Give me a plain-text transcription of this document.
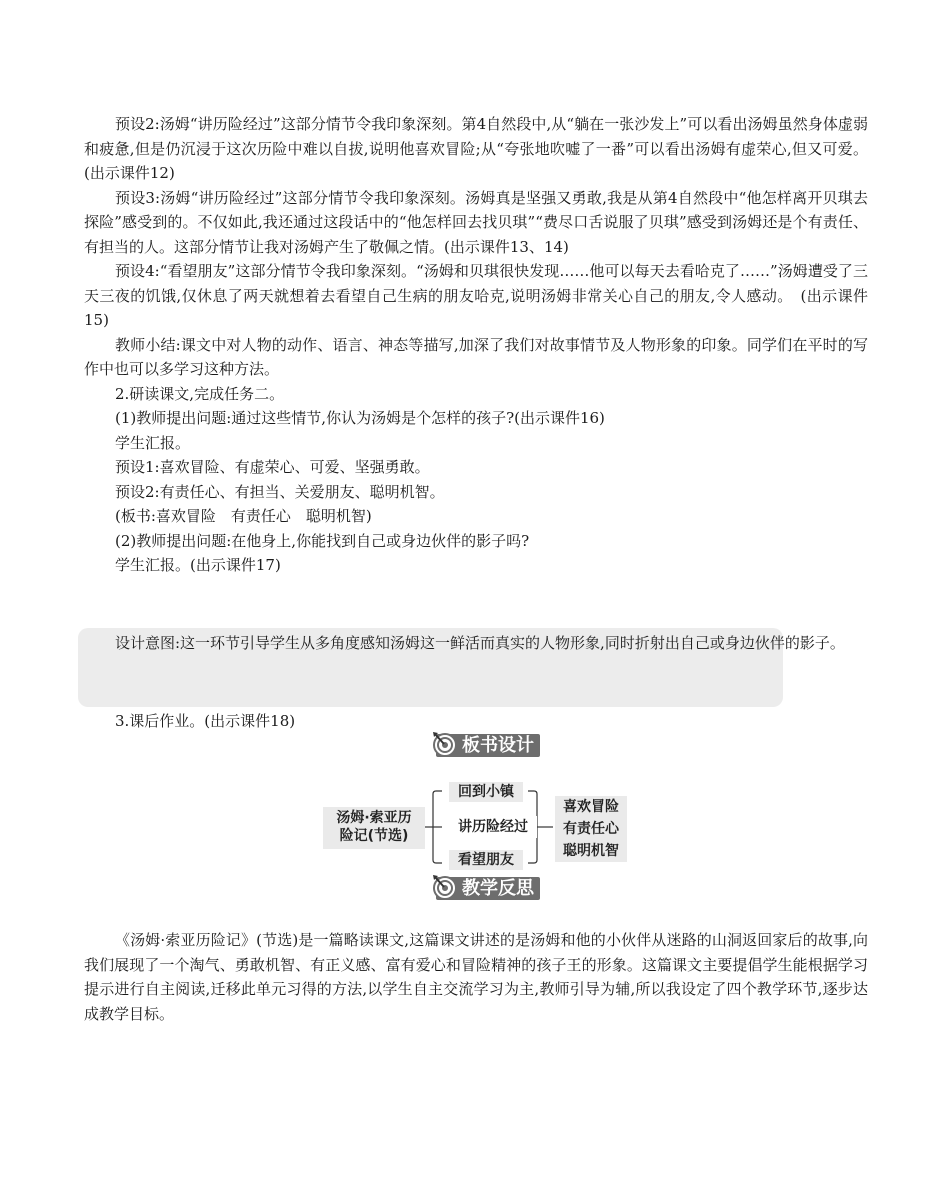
预设2:汤姆“讲历险经过”这部分情节令我印象深刻。第4自然段中,从“躺在一张沙发上”可以看出汤姆虽然身体虚弱和疲惫,但是仍沉浸于这次历险中难以自拔,说明他喜欢冒险;从“夸张地吹嘘了一番”可以看出汤姆有虚荣心,但又可爱。(出示课件12)

预设3:汤姆“讲历险经过”这部分情节令我印象深刻。汤姆真是坚强又勇敢,我是从第4自然段中“他怎样离开贝琪去探险”感受到的。不仅如此,我还通过这段话中的“他怎样回去找贝琪”“费尽口舌说服了贝琪”感受到汤姆还是个有责任、有担当的人。这部分情节让我对汤姆产生了敬佩之情。(出示课件13、14)

预设4:“看望朋友”这部分情节令我印象深刻。“汤姆和贝琪很快发现……他可以每天去看哈克了……”汤姆遭受了三天三夜的饥饿,仅休息了两天就想着去看望自己生病的朋友哈克,说明汤姆非常关心自己的朋友,令人感动。　(出示课件15)

教师小结:课文中对人物的动作、语言、神态等描写,加深了我们对故事情节及人物形象的印象。同学们在平时的写作中也可以多学习这种方法。

2.研读课文,完成任务二。

(1)教师提出问题:通过这些情节,你认为汤姆是个怎样的孩子?(出示课件16)

学生汇报。

预设1:喜欢冒险、有虚荣心、可爱、坚强勇敢。

预设2:有责任心、有担当、关爱朋友、聪明机智。

(板书:喜欢冒险　有责任心　聪明机智)

(2)教师提出问题:在他身上,你能找到自己或身边伙伴的影子吗?

学生汇报。(出示课件17)

设计意图:这一环节引导学生从多角度感知汤姆这一鲜活而真实的人物形象,同时折射出自己或身边伙伴的影子。

3.课后作业。(出示课件18)

板书设计
汤姆·索亚历
险记(节选)
回到小镇
讲历险经过
看望朋友
喜欢冒险
有责任心
聪明机智
教学反思

《汤姆·索亚历险记》(节选)是一篇略读课文,这篇课文讲述的是汤姆和他的小伙伴从迷路的山洞返回家后的故事,向我们展现了一个淘气、勇敢机智、有正义感、富有爱心和冒险精神的孩子王的形象。这篇课文主要提倡学生能根据学习提示进行自主阅读,迁移此单元习得的方法,以学生自主交流学习为主,教师引导为辅,所以我设定了四个教学环节,逐步达成教学目标。
